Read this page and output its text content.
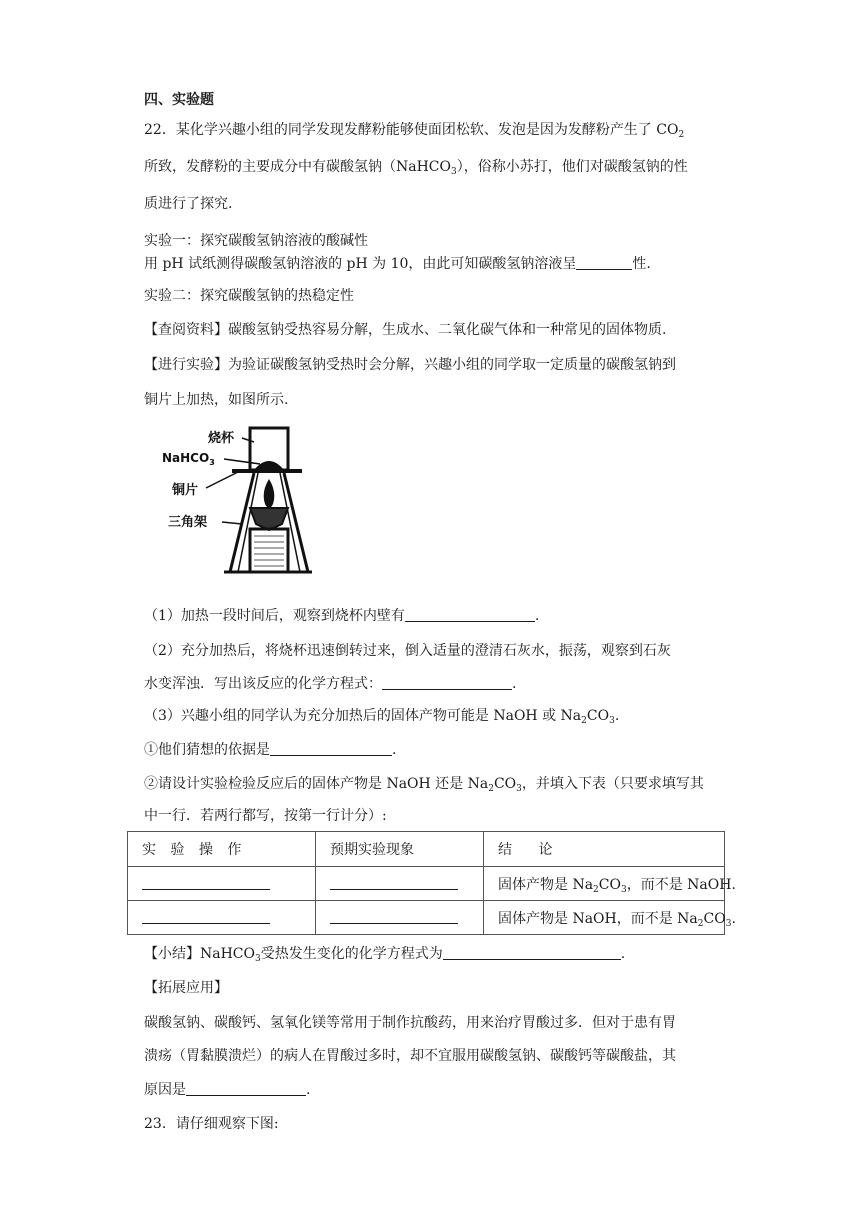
四、实验题
22．某化学兴趣小组的同学发现发酵粉能够使面团松软、发泡是因为发酵粉产生了 $CO_2$
所致，发酵粉的主要成分中有碳酸氢钠（NaHCO$_3$），俗称小苏打，他们对碳酸氢钠的性
质进行了探究.
实验一：探究碳酸氢钠溶液的酸碱性
用 pH 试纸测得碳酸氢钠溶液的 pH 为 10，由此可知碳酸氢钠溶液呈	性.
实验二：探究碳酸氢钠的热稳定性
【查阅资料】碳酸氢钠受热容易分解，生成水、二氧化碳气体和一种常见的固体物质.
【进行实验】为验证碳酸氢钠受热时会分解，兴趣小组的同学取一定质量的碳酸氢钠到
铜片上加热，如图所示.
烧杯
NaHCO$_3$
铜片
三角架
（1）加热一段时间后，观察到烧杯内壁有	.
（2）充分加热后，将烧杯迅速倒转过来，倒入适量的澄清石灰水，振荡，观察到石灰
水变浑浊．写出该反应的化学方程式：	.
（3）兴趣小组的同学认为充分加热后的固体产物可能是 NaOH 或 $Na_2CO_3$.
①他们猜想的依据是	.
②请设计实验检验反应后的固体产物是 NaOH 还是 $Na_2CO_3$，并填入下表（只要求填写其
中一行．若两行都写，按第一行计分）:
实 验 操 作	预期实验现象	结 论
		固体产物是 $Na_2CO_3$，而不是 NaOH.
		固体产物是 NaOH，而不是 $Na_2CO_3$.
【小结】NaHCO$_3$受热发生变化的化学方程式为	.
【拓展应用】
碳酸氢钠、碳酸钙、氢氧化镁等常用于制作抗酸药，用来治疗胃酸过多．但对于患有胃
溃疡（胃黏膜溃烂）的病人在胃酸过多时，却不宜服用碳酸氢钠、碳酸钙等碳酸盐，其
原因是	.
23．请仔细观察下图:
